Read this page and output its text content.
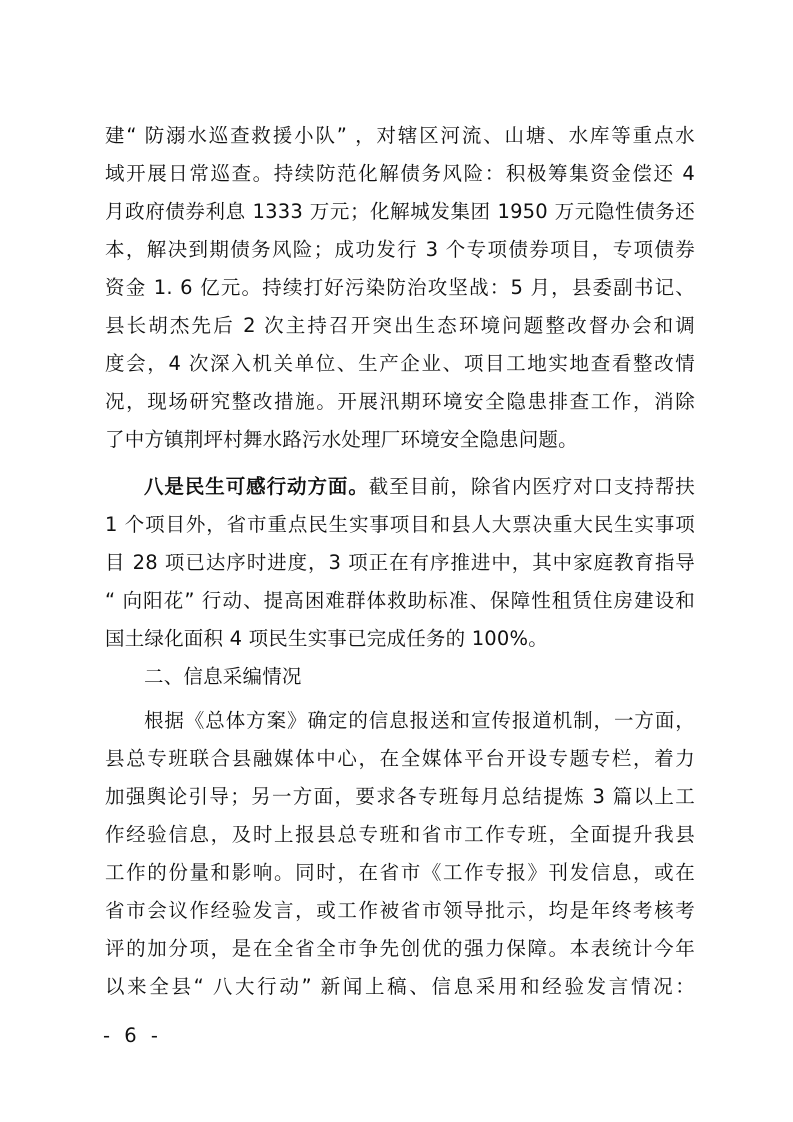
建“ 防溺水巡查救援小队” ，对辖区河流、山塘、水库等重点水
域开展日常巡查。持续防范化解债务风险：积极筹集资金偿还 4
月政府债券利息 1333 万元；化解城发集团 1950 万元隐性债务还
本，解决到期债务风险；成功发行 3 个专项债券项目，专项债券
资金 1. 6 亿元。持续打好污染防治攻坚战：5 月，县委副书记、
县长胡杰先后 2 次主持召开突出生态环境问题整改督办会和调
度会，4 次深入机关单位、生产企业、项目工地实地查看整改情
况，现场研究整改措施。开展汛期环境安全隐患排查工作，消除
了中方镇荆坪村舞水路污水处理厂环境安全隐患问题。
八是民生可感行动方面。截至目前，除省内医疗对口支持帮扶
1 个项目外，省市重点民生实事项目和县人大票决重大民生实事项
目 28 项已达序时进度，3 项正在有序推进中，其中家庭教育指导
“ 向阳花” 行动、提高困难群体救助标准、保障性租赁住房建设和
国土绿化面积 4 项民生实事已完成任务的 100%。
二、信息采编情况
根据《总体方案》确定的信息报送和宣传报道机制，一方面，
县总专班联合县融媒体中心，在全媒体平台开设专题专栏，着力
加强舆论引导；另一方面，要求各专班每月总结提炼 3 篇以上工
作经验信息，及时上报县总专班和省市工作专班，全面提升我县
工作的份量和影响。同时，在省市《工作专报》刊发信息，或在
省市会议作经验发言，或工作被省市领导批示，均是年终考核考
评的加分项，是在全省全市争先创优的强力保障。本表统计今年
以来全县“ 八大行动” 新闻上稿、信息采用和经验发言情况：
- 6 -
